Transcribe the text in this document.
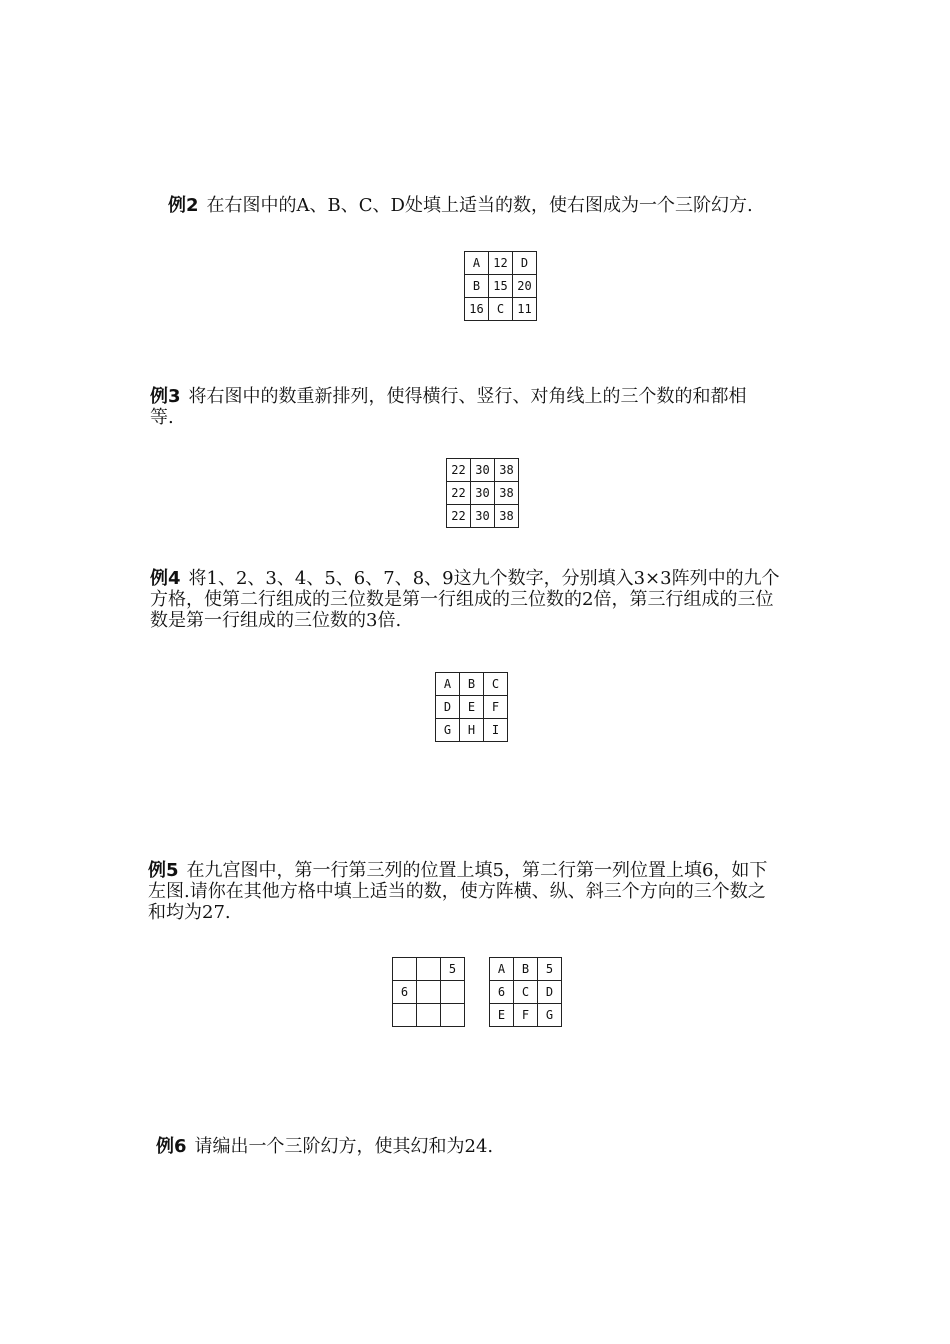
例2 在右图中的A、B、C、D处填上适当的数，使右图成为一个三阶幻方.
A	12	D
B	15	20
16	C	11
例3 将右图中的数重新排列，使得横行、竖行、对角线上的三个数的和都相
等.
22	30	38
22	30	38
22	30	38
例4 将1、2、3、4、5、6、7、8、9这九个数字，分别填入3×3阵列中的九个
方格，使第二行组成的三位数是第一行组成的三位数的2倍，第三行组成的三位
数是第一行组成的三位数的3倍.
A	B	C
D	E	F
G	H	I
例5 在九宫图中，第一行第三列的位置上填5，第二行第一列位置上填6，如下
左图.请你在其他方格中填上适当的数，使方阵横、纵、斜三个方向的三个数之
和均为27.
		5
6		

A	B	5
6	C	D
E	F	G
例6 请编出一个三阶幻方，使其幻和为24.
